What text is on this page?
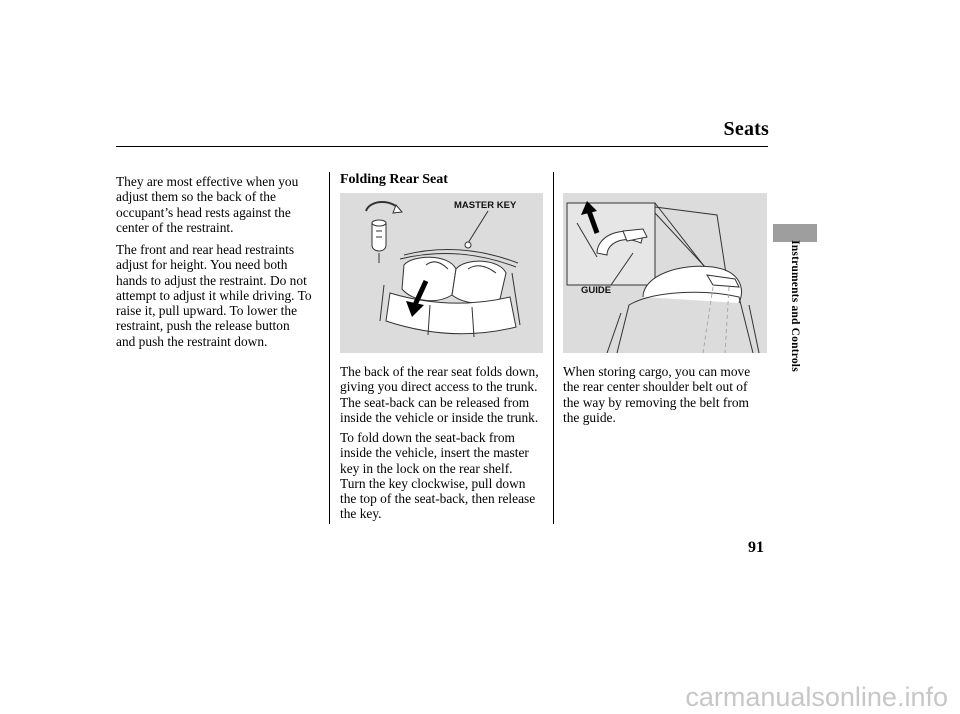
Seats
They are most effective when you
adjust them so the back of the
occupant’s head rests against the
center of the restraint.
The front and rear head restraints
adjust for height. You need both
hands to adjust the restraint. Do not
attempt to adjust it while driving. To
raise it, pull upward. To lower the
restraint, push the release button
and push the restraint down.
Folding Rear Seat
MASTER KEY
The back of the rear seat folds down,
giving you direct access to the trunk.
The seat-back can be released from
inside the vehicle or inside the trunk.
To fold down the seat-back from
inside the vehicle, insert the master
key in the lock on the rear shelf.
Turn the key clockwise, pull down
the top of the seat-back, then release
the key.
GUIDE
When storing cargo, you can move
the rear center shoulder belt out of
the way by removing the belt from
the guide.
Instruments and Controls
91
carmanualsonline.info
